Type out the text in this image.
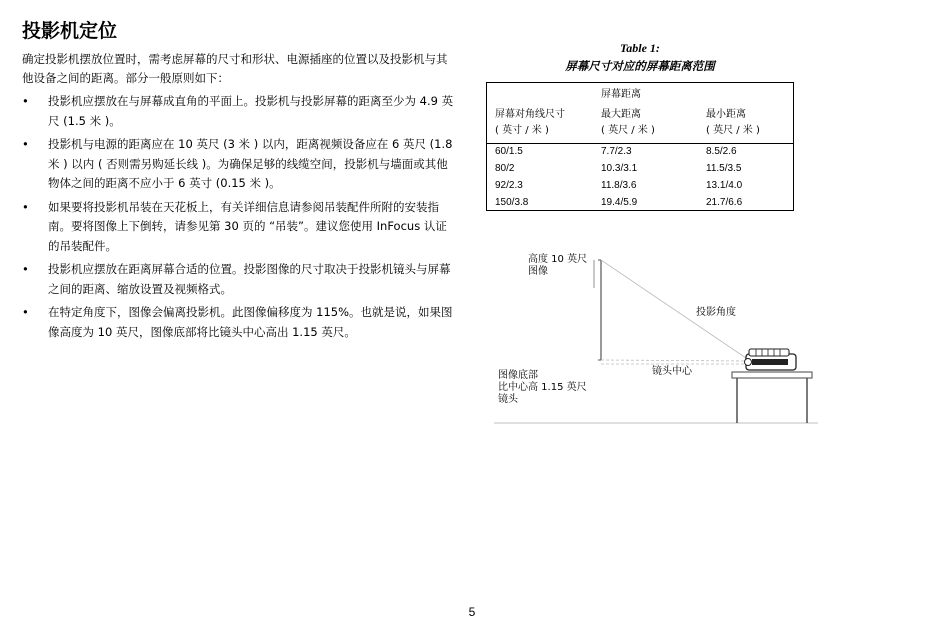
投影机定位

确定投影机摆放位置时，需考虑屏幕的尺寸和形状、电源插座的位置以及投影机与其他设备之间的距离。部分一般原则如下：

• 投影机应摆放在与屏幕成直角的平面上。投影机与投影屏幕的距离至少为 4.9 英尺 (1.5 米 )。
• 投影机与电源的距离应在 10 英尺 (3 米 ) 以内，距离视频设备应在 6 英尺 (1.8 米 ) 以内 ( 否则需另购延长线 )。为确保足够的线缆空间，投影机与墙面或其他物体之间的距离不应小于 6 英寸 (0.15 米 )。
• 如果要将投影机吊装在天花板上，有关详细信息请参阅吊装配件所附的安装指南。要将图像上下倒转，请参见第 30 页的 “吊装”。建议您使用 InFocus 认证的吊装配件。
• 投影机应摆放在距离屏幕合适的位置。投影图像的尺寸取决于投影机镜头与屏幕之间的距离、缩放设置及视频格式。
• 在特定角度下，图像会偏离投影机。此图像偏移度为 115%。也就是说，如果图像高度为 10 英尺，图像底部将比镜头中心高出 1.15 英尺。
Table 1:
屏幕尺寸对应的屏幕距离范围
屏幕距离
屏幕对角线尺寸
( 英寸 / 米 )
最大距离
( 英尺 / 米 )
最小距离
( 英尺 / 米 )
60/1.5	7.7/2.3	8.5/2.6
80/2	10.3/3.1	11.5/3.5
92/2.3	11.8/3.6	13.1/4.0
150/3.8	19.4/5.9	21.7/6.6
高度 10 英尺
图像
投影角度
镜头中心
图像底部
比中心高 1.15 英尺
镜头
5
